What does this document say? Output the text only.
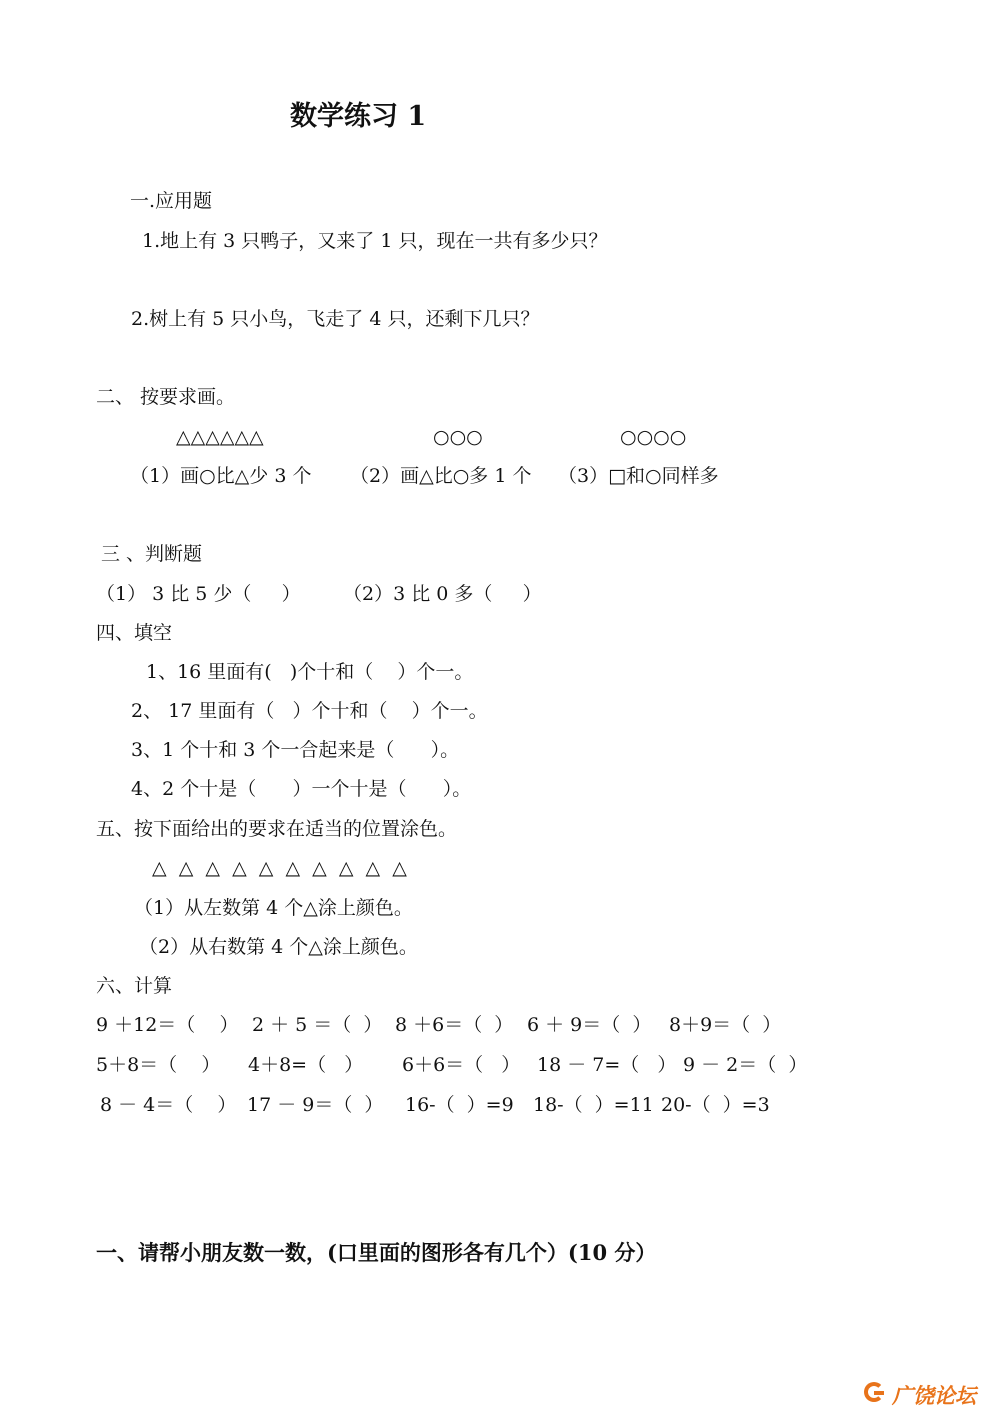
数学练习 1
一.应用题
1.地上有 3 只鸭子，又来了 1 只，现在一共有多少只？
2.树上有 5 只小鸟，飞走了 4 只，还剩下几只？
二、 按要求画。
△△△△△△	○○○	○○○○
（1）画○比△少 3 个 （2）画△比○多 1 个 （3）□和○同样多
三 、判断题
（1） 3 比 5 少（     ） （2）3 比 0 多（     ）
四、填空
1、16 里面有(   )个十和（    ）个一。
2、 17 里面有（   ）个十和（    ）个一。
3、1 个十和 3 个一合起来是（      ）。
4、2 个十是（      ）一个十是（      ）。
五、按下面给出的要求在适当的位置涂色。
△  △  △  △  △  △  △  △  △  △
（1）从左数第 4 个△涂上颜色。
（2）从右数第 4 个△涂上颜色。
六、计算
9 ＋12＝（    ） 2 ＋ 5 ＝（  ） 8 ＋6＝（  ） 6 ＋ 9＝（  ） 8＋9＝（  ）
5＋8＝（    ） 4＋8=（   ） 6＋6＝（   ） 18 － 7=（   ） 9 － 2＝（  ）
8 － 4＝（    ） 17 － 9＝（  ） 16-（  ）=9 18-（  ）=11 20-（  ）=3
一、请帮小朋友数一数，(口里面的图形各有几个）(10 分）
广饶论坛
